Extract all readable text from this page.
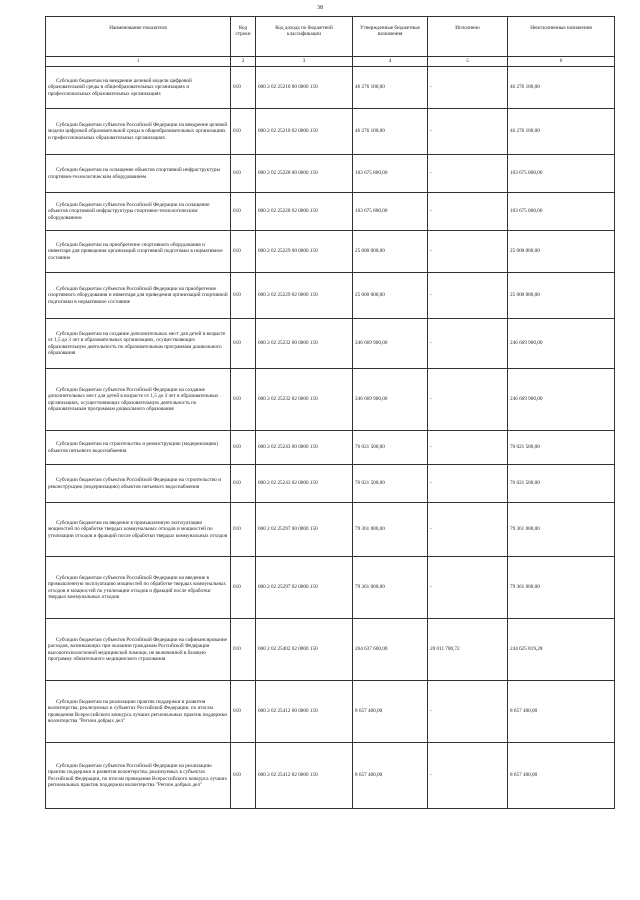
38
Наименование показателя	Код строки	Код дохода по бюджетной классификации	Утвержденные бюджетные назначения	Исполнено	Неисполненные назначения
1	2	3	4	5	6
Субсидии бюджетам на внедрение целевой модели цифровой образовательной среды в общеобразовательных организациях и профессиональных образовательных организациях	010	000 2 02 25210 00 0000 150	46 276 100,00	-	46 276 100,00
Субсидии бюджетам субъектов Российской Федерации на внедрение целевой модели цифровой образовательной среды в общеобразовательных организациях и профессиональных образовательных организациях	010	000 2 02 25210 02 0000 150	46 276 100,00	-	46 276 100,00
Субсидии бюджетам на оснащение объектов спортивной инфраструктуры спортивно-технологическим оборудованием	010	000 2 02 25228 00 0000 150	103 675 800,00	-	103 675 800,00
Субсидии бюджетам субъектов Российской Федерации на оснащение объектов спортивной инфраструктуры спортивно-технологическим оборудованием	010	000 2 02 25228 02 0000 150	103 675 800,00	-	103 675 800,00
Субсидии бюджетам на приобретение спортивного оборудования и инвентаря для приведения организаций спортивной подготовки в нормативное состояние	010	000 2 02 25229 00 0000 150	25 000 000,00	-	25 000 000,00
Субсидии бюджетам субъектов Российской Федерации на приобретение спортивного оборудования и инвентаря для приведения организаций спортивной подготовки в нормативное состояние	010	000 2 02 25229 02 0000 150	25 000 000,00	-	25 000 000,00
Субсидии бюджетам на создание дополнительных мест для детей в возрасте от 1,5 до 3 лет в образовательных организациях, осуществляющих образовательную деятельность по образовательным программам дошкольного образования	010	000 2 02 25232 00 0000 150	246 669 900,00	-	246 669 900,00
Субсидии бюджетам субъектов Российской Федерации на создание дополнительных мест для детей в возрасте от 1,5 до 3 лет в образовательных организациях, осуществляющих образовательную деятельность по образовательным программам дошкольного образования	010	000 2 02 25232 02 0000 150	246 669 900,00	-	246 669 900,00
Субсидии бюджетам на строительство и реконструкцию (модернизацию) объектов питьевого водоснабжения	010	000 2 02 25243 00 0000 150	76 021 500,00	-	76 021 500,00
Субсидии бюджетам субъектов Российской Федерации на строительство и реконструкцию (модернизацию) объектов питьевого водоснабжения	010	000 2 02 25243 02 0000 150	76 021 500,00	-	76 021 500,00
Субсидии бюджетам на введение в промышленную эксплуатацию мощностей по обработке твердых коммунальных отходов и мощностей по утилизации отходов и фракций после обработки твердых коммунальных отходов	010	000 2 02 25297 00 0000 150	79 361 000,00	-	79 361 000,00
Субсидии бюджетам субъектов Российской Федерации на введение в промышленную эксплуатацию мощностей по обработке твердых коммунальных отходов и мощностей по утилизации отходов и фракций после обработки твердых коммунальных отходов	010	000 2 02 25297 02 0000 150	79 361 000,00	-	79 361 000,00
Субсидии бюджетам субъектов Российской Федерации на софинансирование расходов, возникающих при оказании гражданам Российской Федерации высокотехнологичной медицинской помощи, не включенной в базовую программу обязательного медицинского страхования	010	000 2 02 25402 02 0000 150	264 637 600,00	20 011 780,72	244 625 819,28
Субсидии бюджетам на реализацию практик поддержки и развития волонтерства, реализуемых в субъектах Российской Федерации, по итогам проведения Всероссийского конкурса лучших региональных практик поддержки волонтерства "Регион добрых дел"	010	000 2 02 25412 00 0000 150	8 657 400,00	-	8 657 400,00
Субсидии бюджетам субъектов Российской Федерации на реализацию практик поддержки и развития волонтерства, реализуемых в субъектах Российской Федерации, по итогам проведения Всероссийского конкурса лучших региональных практик поддержки волонтерства "Регион добрых дел"	010	000 2 02 25412 02 0000 150	8 657 400,00	-	8 657 400,00
